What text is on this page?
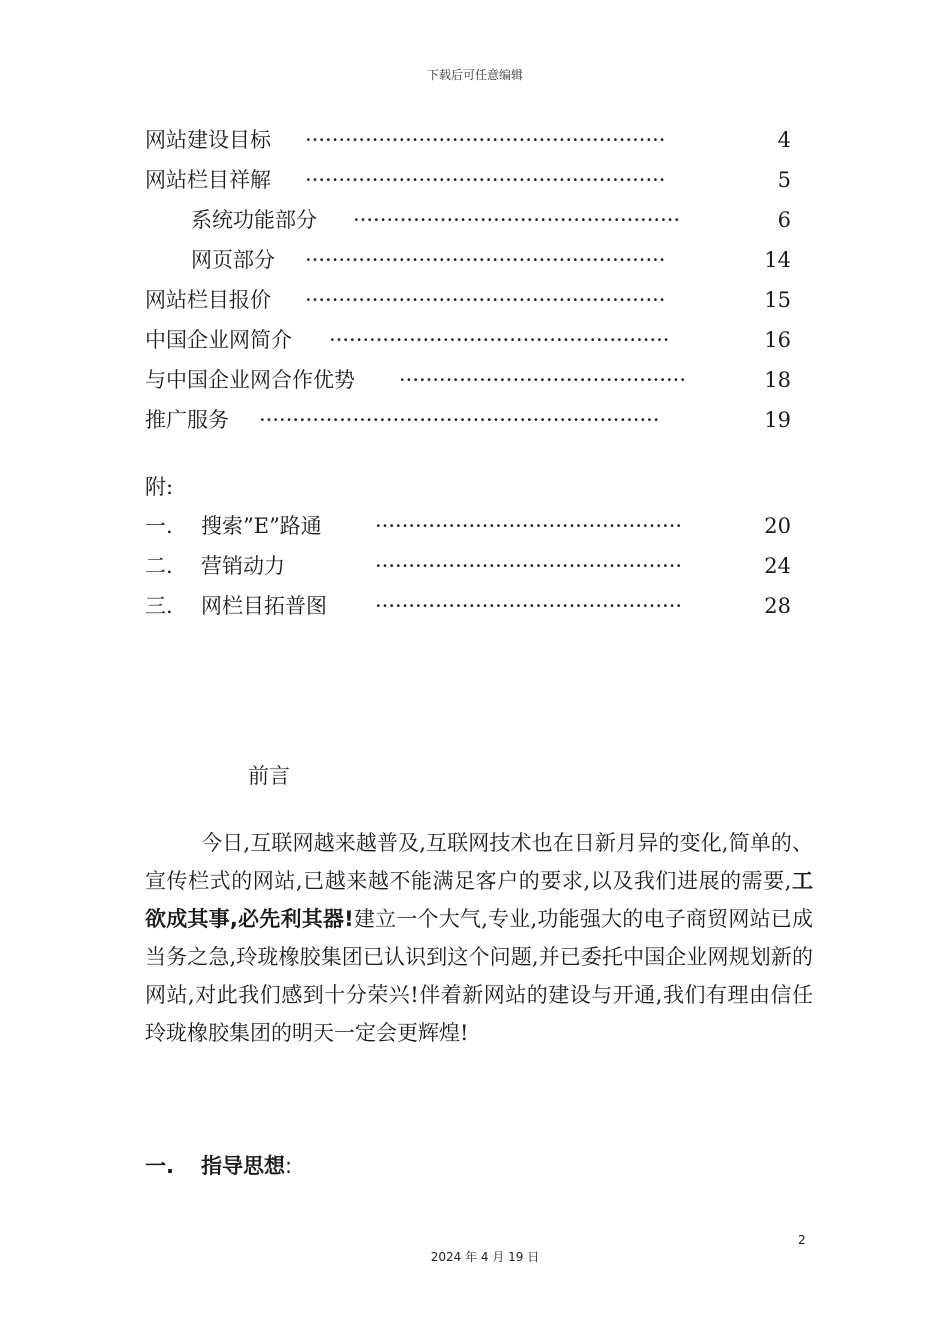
下载后可任意编辑
网站建设目标 ······················································	4
网站栏目祥解 ······················································	5
系统功能部分 ·················································	6
网页部分 ······················································	14
网站栏目报价 ······················································	15
中国企业网简介 ···················································	16
与中国企业网合作优势 ···········································	18
推广服务 ····························································	19
附:
一. 搜索”E”路通	··············································	20
二. 营销动力	··············································	24
三. 网栏目拓普图 ··············································	28
前言
今日,互联网越来越普及,互联网技术也在日新月异的变化,简单的、宣传栏式的网站,已越来越不能满足客户的要求,以及我们进展的需要,工欲成其事,必先利其器!建立一个大气,专业,功能强大的电子商贸网站已成当务之急,玲珑橡胶集团已认识到这个问题,并已委托中国企业网规划新的网站,对此我们感到十分荣兴!伴着新网站的建设与开通,我们有理由信任玲珑橡胶集团的明天一定会更辉煌!
一. 指导思想:
2
2024 年 4 月 19 日
